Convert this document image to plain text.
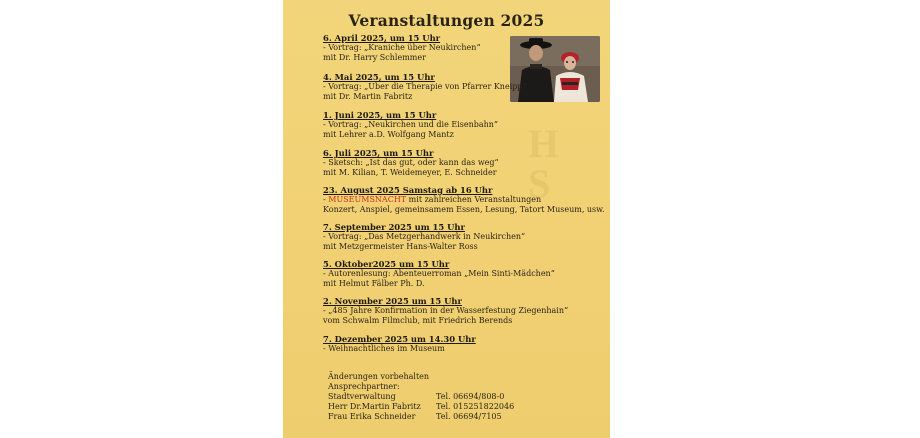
H
S
Veranstaltungen 2025
6. April 2025, um 15 Uhr
- Vortrag: „Kraniche über Neukirchen“
mit Dr. Harry Schlemmer
4. Mai 2025, um 15 Uhr
- Vortrag: „Über die Therapie von Pfarrer Kneipp“
mit Dr. Martin Fabritz
1. Juni 2025, um 15 Uhr
- Vortrag: „Neukirchen und die Eisenbahn“
mit Lehrer a.D. Wolfgang Mantz
6. Juli 2025, um 15 Uhr
- Sketsch: „Ist das gut, oder kann das weg“
mit M. Kilian, T. Weidemeyer, E. Schneider
23. August 2025 Samstag ab 16 Uhr
- MUSEUMSNACHT mit zahlreichen Veranstaltungen
Konzert, Anspiel, gemeinsamem Essen, Lesung, Tatort Museum, usw.
7. September 2025 um 15 Uhr
- Vortrag: „Das Metzgerhandwerk in Neukirchen“
mit Metzgermeister Hans-Walter Ross
5. Oktober2025 um 15 Uhr
- Autorenlesung: Abenteuerroman „Mein Sinti-Mädchen“
mit Helmut Fälber Ph. D.
2. November 2025 um 15 Uhr
- „485 Jahre Konfirmation in der Wasserfestung Ziegenhain“
vom Schwalm Filmclub, mit Friedrich Berends
7. Dezember 2025 um 14.30 Uhr
- Weihnachtliches im Museum
Änderungen vorbehalten
Ansprechpartner:
Stadtverwaltung	Tel. 06694/808-0
Herr Dr.Martin Fabritz Tel. 015251822046
Frau Erika Schneider	Tel. 06694/7105
